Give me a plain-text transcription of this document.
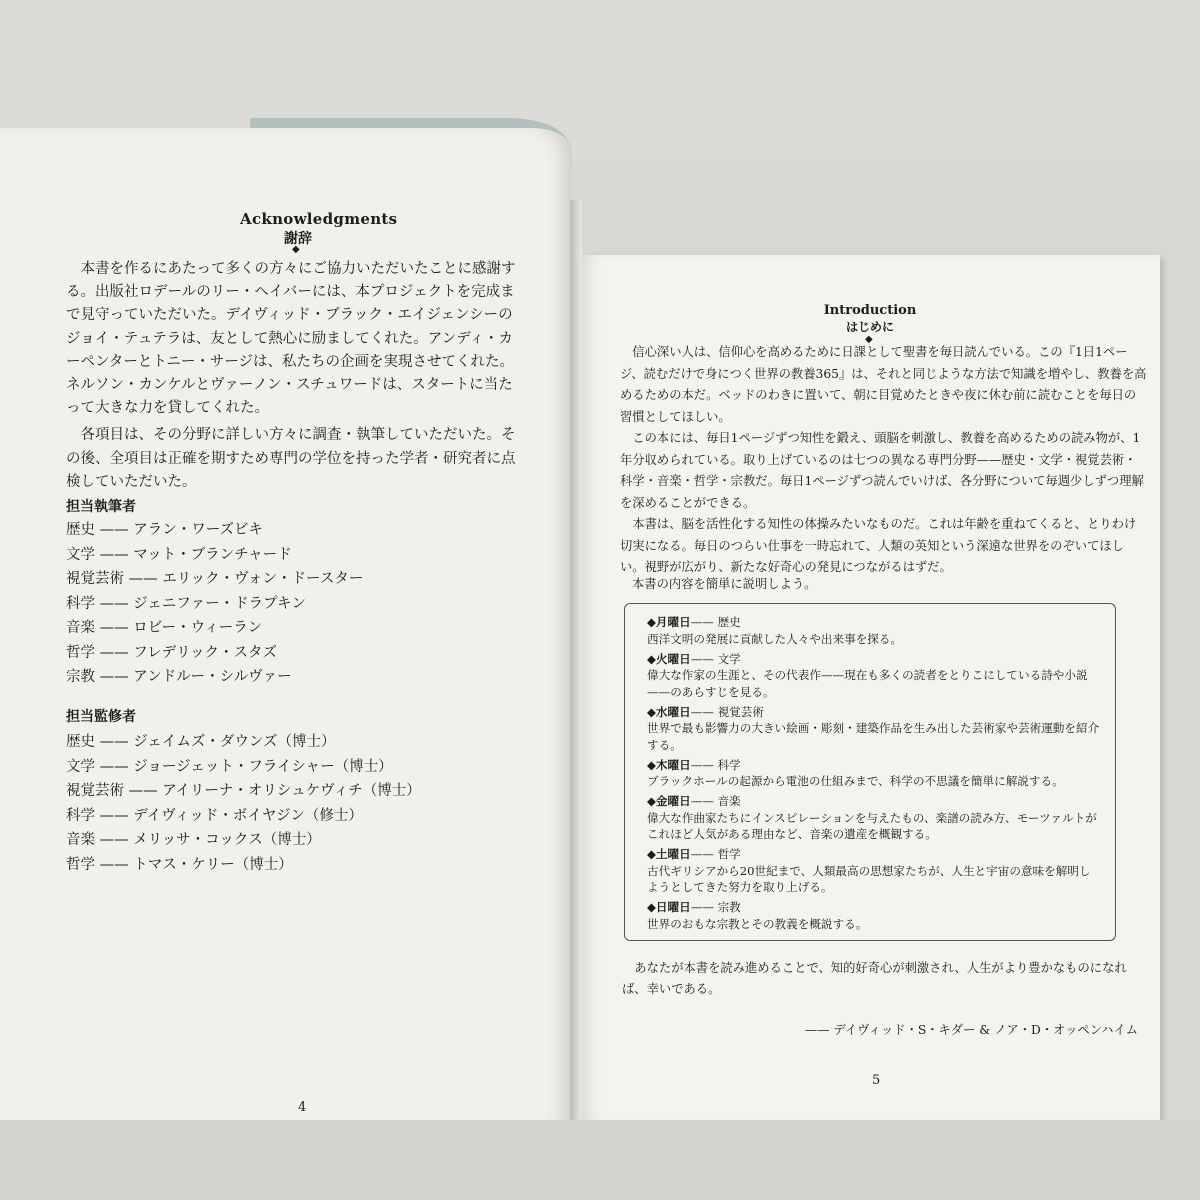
Acknowledgments
謝辞
◆

本書を作るにあたって多くの方々にご協力いただいたことに感謝する。出版社ロデールのリー・ヘイバーには、本プロジェクトを完成まで見守っていただいた。デイヴィッド・ブラック・エイジェンシーのジョイ・テュテラは、友として熱心に励ましてくれた。アンディ・カーペンターとトニー・サージは、私たちの企画を実現させてくれた。ネルソン・カンケルとヴァーノン・スチュワードは、スタートに当たって大きな力を貸してくれた。

各項目は、その分野に詳しい方々に調査・執筆していただいた。その後、全項目は正確を期すため専門の学位を持った学者・研究者に点検していただいた。

担当執筆者
歴史 —— アラン・ワーズビキ
文学 —— マット・ブランチャード
視覚芸術 —— エリック・ヴォン・ドースター
科学 —— ジェニファー・ドラプキン
音楽 —— ロビー・ウィーラン
哲学 —— フレデリック・スタズ
宗教 —— アンドルー・シルヴァー
担当監修者
歴史 —— ジェイムズ・ダウンズ（博士）
文学 —— ジョージェット・フライシャー（博士）
視覚芸術 —— アイリーナ・オリシュケヴィチ（博士）
科学 —— デイヴィッド・ボイヤジン（修士）
音楽 —— メリッサ・コックス（博士）
哲学 —— トマス・ケリー（博士）
4
Introduction
はじめに
◆

信心深い人は、信仰心を高めるために日課として聖書を毎日読んでいる。この『1日1ページ、読むだけで身につく世界の教養365』は、それと同じような方法で知識を増やし、教養を高めるための本だ。ベッドのわきに置いて、朝に目覚めたときや夜に休む前に読むことを毎日の習慣としてほしい。

この本には、毎日1ページずつ知性を鍛え、頭脳を刺激し、教養を高めるための読み物が、1年分収められている。取り上げているのは七つの異なる専門分野——歴史・文学・視覚芸術・科学・音楽・哲学・宗教だ。毎日1ページずつ読んでいけば、各分野について毎週少しずつ理解を深めることができる。

本書は、脳を活性化する知性の体操みたいなものだ。これは年齢を重ねてくると、とりわけ切実になる。毎日のつらい仕事を一時忘れて、人類の英知という深遠な世界をのぞいてほしい。視野が広がり、新たな好奇心の発見につながるはずだ。

本書の内容を簡単に説明しよう。
◆月曜日—— 歴史
西洋文明の発展に貢献した人々や出来事を探る。
◆火曜日—— 文学
偉大な作家の生涯と、その代表作——現在も多くの読者をとりこにしている詩や小説——のあらすじを見る。
◆水曜日—— 視覚芸術
世界で最も影響力の大きい絵画・彫刻・建築作品を生み出した芸術家や芸術運動を紹介する。
◆木曜日—— 科学
ブラックホールの起源から電池の仕組みまで、科学の不思議を簡単に解説する。
◆金曜日—— 音楽
偉大な作曲家たちにインスピレーションを与えたもの、楽譜の読み方、モーツァルトがこれほど人気がある理由など、音楽の遺産を概観する。
◆土曜日—— 哲学
古代ギリシアから20世紀まで、人類最高の思想家たちが、人生と宇宙の意味を解明しようとしてきた努力を取り上げる。
◆日曜日—— 宗教
世界のおもな宗教とその教義を概説する。
あなたが本書を読み進めることで、知的好奇心が刺激され、人生がより豊かなものになれば、幸いである。
—— デイヴィッド・S・キダー & ノア・D・オッペンハイム
5
